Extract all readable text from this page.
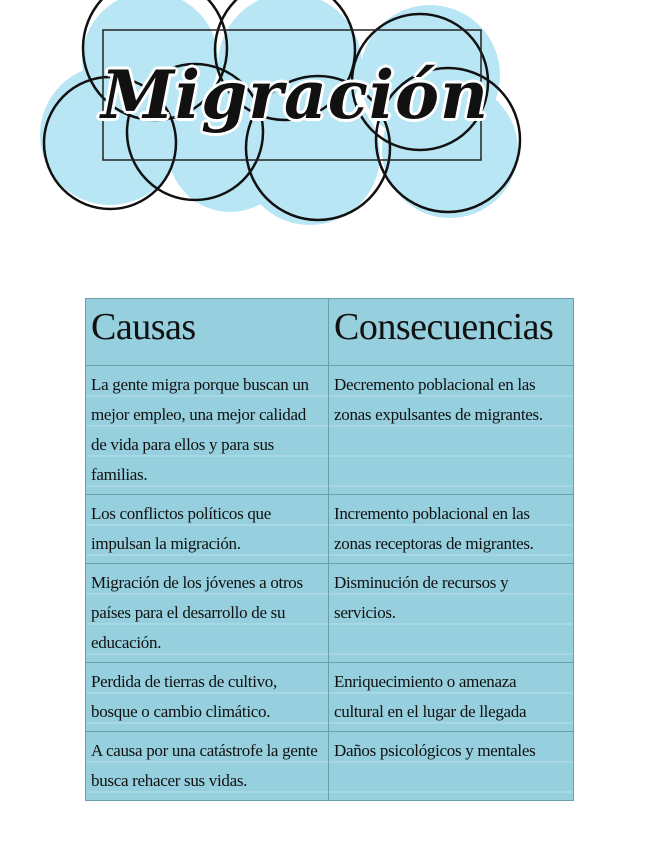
Migración
Causas	Consecuencias
La gente migra porque buscan un mejor empleo, una mejor calidad de vida para ellos y para sus familias.	Decremento poblacional en las zonas expulsantes de migrantes.
Los conflictos políticos que impulsan la migración.	Incremento poblacional en las zonas receptoras de migrantes.
Migración de los jóvenes a otros países para el desarrollo de su educación.	Disminución de recursos y servicios.
Perdida de tierras de cultivo, bosque o cambio climático.	Enriquecimiento o amenaza cultural en el lugar de llegada
A causa por una catástrofe la gente busca rehacer sus vidas.	Daños psicológicos y mentales
